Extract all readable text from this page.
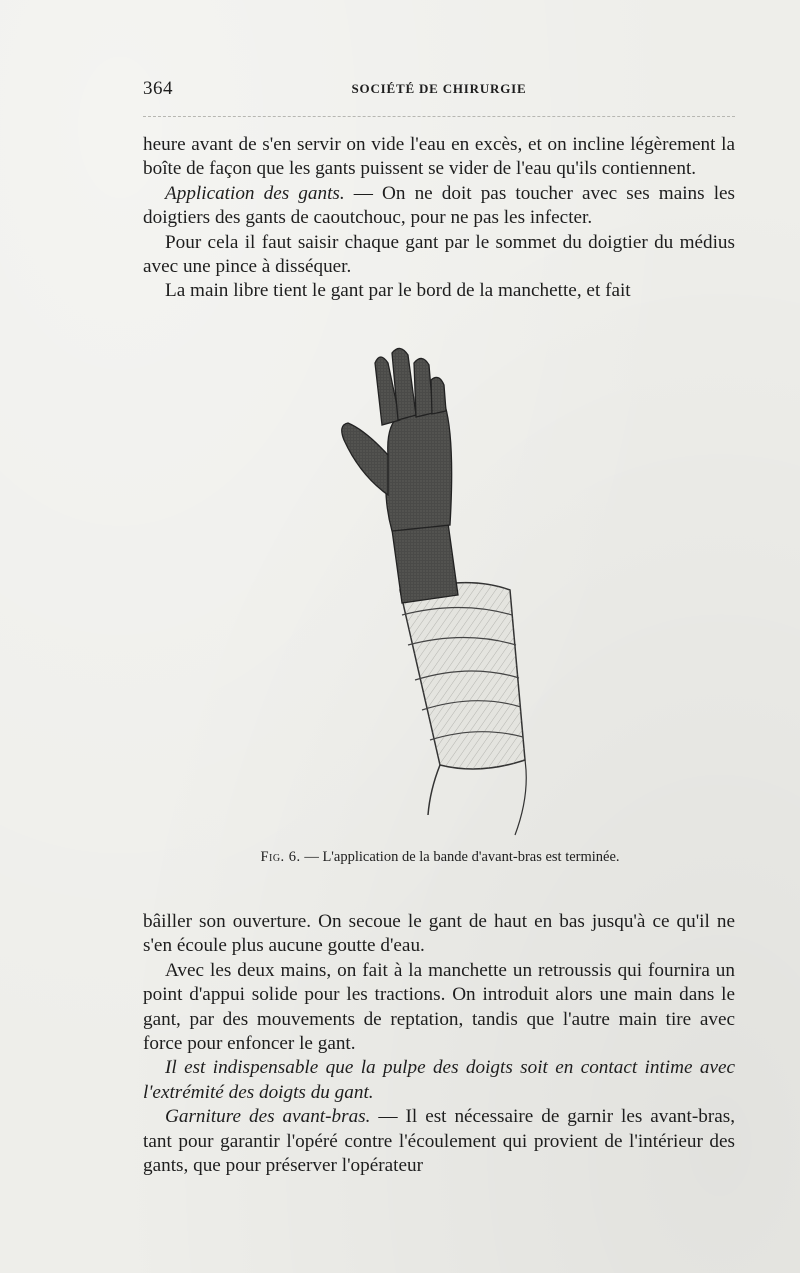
364	SOCIÉTÉ DE CHIRURGIE

heure avant de s'en servir on vide l'eau en excès, et on incline légèrement la boîte de façon que les gants puissent se vider de l'eau qu'ils contiennent.

Application des gants. — On ne doit pas toucher avec ses mains les doigtiers des gants de caoutchouc, pour ne pas les infecter.

Pour cela il faut saisir chaque gant par le sommet du doigtier du médius avec une pince à disséquer.

La main libre tient le gant par le bord de la manchette, et fait

Fig. 6. — L'application de la bande d'avant-bras est terminée.

bâiller son ouverture. On secoue le gant de haut en bas jusqu'à ce qu'il ne s'en écoule plus aucune goutte d'eau.

Avec les deux mains, on fait à la manchette un retroussis qui fournira un point d'appui solide pour les tractions. On introduit alors une main dans le gant, par des mouvements de reptation, tandis que l'autre main tire avec force pour enfoncer le gant.

Il est indispensable que la pulpe des doigts soit en contact intime avec l'extrémité des doigts du gant.

Garniture des avant-bras. — Il est nécessaire de garnir les avant-bras, tant pour garantir l'opéré contre l'écoulement qui provient de l'intérieur des gants, que pour préserver l'opérateur
